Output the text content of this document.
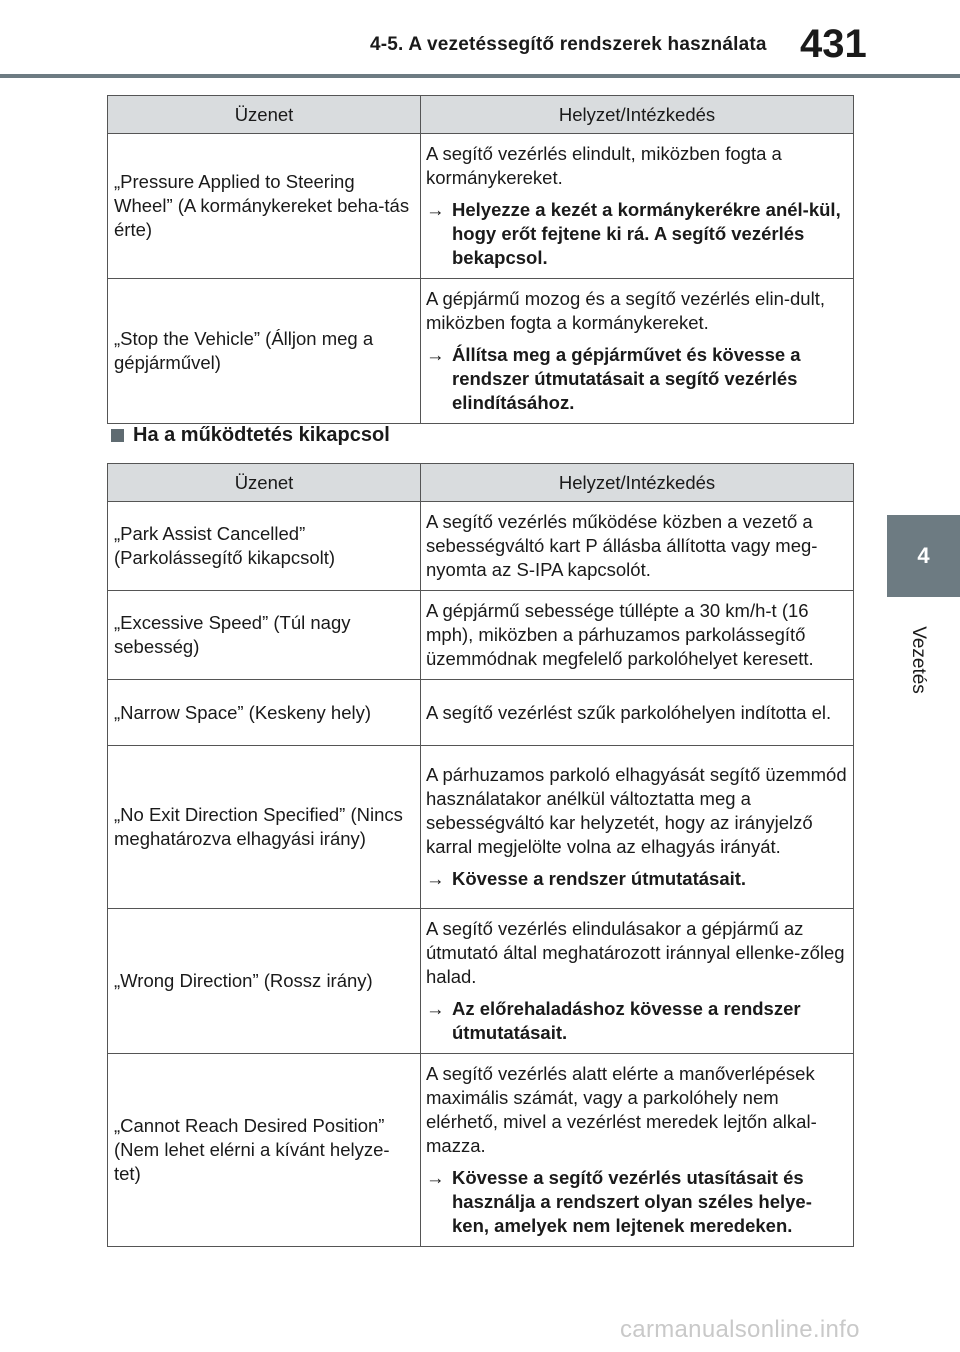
4-5. A vezetéssegítő rendszerek használata 431
4
Vezetés
Üzenet	Helyzet/Intézkedés
„Pressure Applied to Steering Wheel” (A kormánykereket beha-tás érte)	A segítő vezérlés elindult, miközben fogta a kormánykereket.

→ Helyezze a kezét a kormánykerékre anél-kül, hogy erőt fejtene ki rá. A segítő vezérlés bekapcsol.

„Stop the Vehicle” (Álljon meg a gépjárművel)	A gépjármű mozog és a segítő vezérlés elin-dult, miközben fogta a kormánykereket.

→ Állítsa meg a gépjárművet és kövesse a rendszer útmutatásait a segítő vezérlés elindításához.
Ha a működtetés kikapcsol
Üzenet	Helyzet/Intézkedés
„Park Assist Cancelled” (Parkolássegítő kikapcsolt)	A segítő vezérlés működése közben a vezető a sebességváltó kart P állásba állította vagy meg-nyomta az S-IPA kapcsolót.

„Excessive Speed” (Túl nagy sebesség)	A gépjármű sebessége túllépte a 30 km/h-t (16 mph), miközben a párhuzamos parkolássegítő üzemmódnak megfelelő parkolóhelyet keresett.

„Narrow Space” (Keskeny hely)	A segítő vezérlést szűk parkolóhelyen indította el.

„No Exit Direction Specified” (Nincs meghatározva elhagyási irány)	A párhuzamos parkoló elhagyását segítő üzemmód használatakor anélkül változtatta meg a sebességváltó kar helyzetét, hogy az irányjelző karral megjelölte volna az elhagyás irányát.

→ Kövesse a rendszer útmutatásait.

„Wrong Direction” (Rossz irány)	A segítő vezérlés elindulásakor a gépjármű az útmutató által meghatározott iránnyal ellenke-zőleg halad.

→ Az előrehaladáshoz kövesse a rendszer útmutatásait.

„Cannot Reach Desired Position” (Nem lehet elérni a kívánt helyze-tet)	A segítő vezérlés alatt elérte a manőverlépések maximális számát, vagy a parkolóhely nem elérhető, mivel a vezérlést meredek lejtőn alkal-mazza.

→ Kövesse a segítő vezérlés utasításait és használja a rendszert olyan széles helye-ken, amelyek nem lejtenek meredeken.
carmanualsonline.info
